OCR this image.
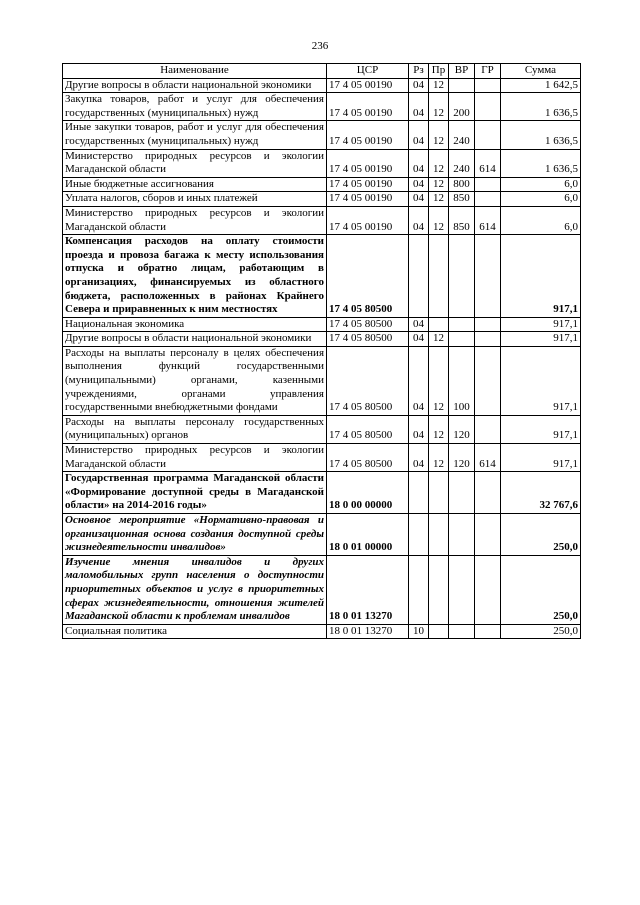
236
Наименование	ЦСР	Рз	Пр	ВР	ГР	Сумма
Другие вопросы в области национальной экономики	17 4 05 00190	04	12			1 642,5
Закупка товаров, работ и услуг для обеспечения государственных (муниципальных) нужд	17 4 05 00190	04	12	200		1 636,5
Иные закупки товаров, работ и услуг для обеспечения государственных (муниципальных) нужд	17 4 05 00190	04	12	240		1 636,5
Министерство природных ресурсов и экологии Магаданской области	17 4 05 00190	04	12	240	614	1 636,5
Иные бюджетные ассигнования	17 4 05 00190	04	12	800		6,0
Уплата налогов, сборов и иных платежей	17 4 05 00190	04	12	850		6,0
Министерство природных ресурсов и экологии Магаданской области	17 4 05 00190	04	12	850	614	6,0
Компенсация расходов на оплату стоимости проезда и провоза багажа к месту использования отпуска и обратно лицам, работающим в организациях, финансируемых из областного бюджета, расположенных в районах Крайнего Севера и приравненных к ним местностях	17 4 05 80500					917,1
Национальная экономика	17 4 05 80500	04				917,1
Другие вопросы в области национальной экономики	17 4 05 80500	04	12			917,1
Расходы на выплаты персоналу в целях обеспечения выполнения функций государственными (муниципальными) органами, казенными учреждениями, органами управления государственными внебюджетными фондами	17 4 05 80500	04	12	100		917,1
Расходы на выплаты персоналу государственных (муниципальных) органов	17 4 05 80500	04	12	120		917,1
Министерство природных ресурсов и экологии Магаданской области	17 4 05 80500	04	12	120	614	917,1
Государственная программа Магаданской области «Формирование доступной среды в Магаданской области» на 2014-2016 годы»	18 0 00 00000					32 767,6
Основное мероприятие «Нормативно-правовая и организационная основа создания доступной среды жизнедеятельности инвалидов»	18 0 01 00000					250,0
Изучение мнения инвалидов и других маломобильных групп населения о доступности приоритетных объектов и услуг в приоритетных сферах жизнедеятельности, отношения жителей Магаданской области к проблемам инвалидов	18 0 01 13270					250,0
Социальная политика	18 0 01 13270	10				250,0
